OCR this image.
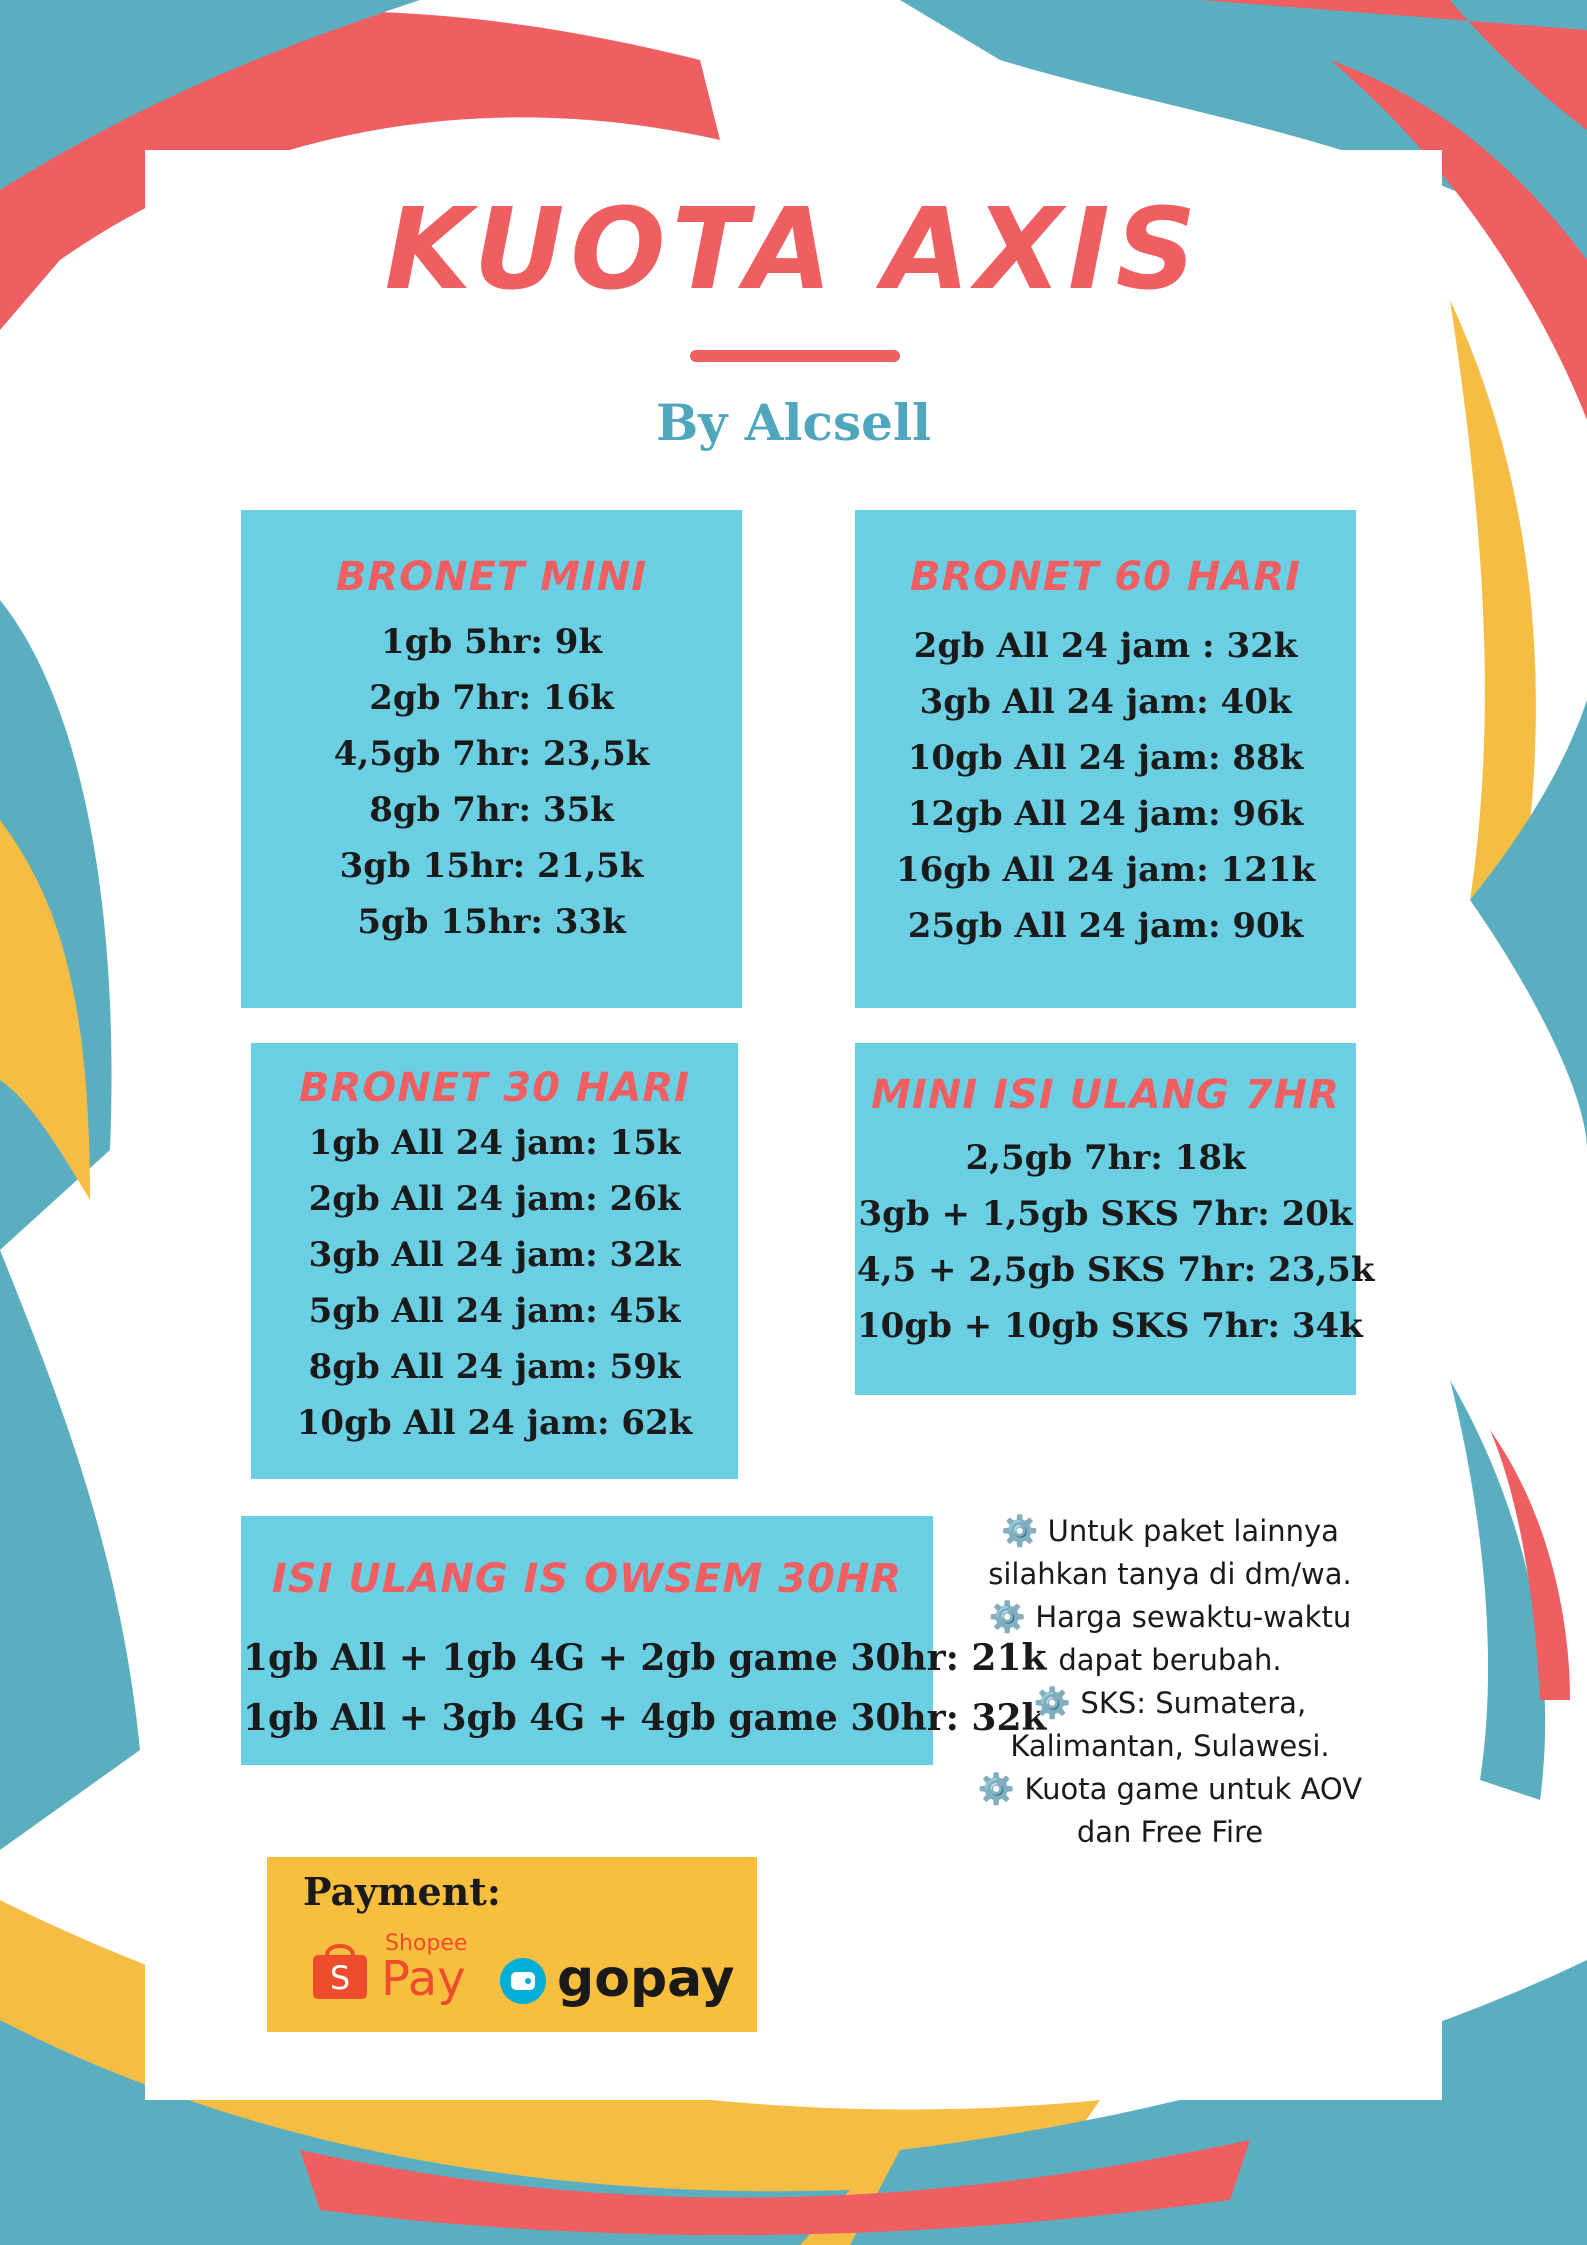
KUOTA AXIS

By Alcsell

BRONET MINI
1gb 5hr: 9k
2gb 7hr: 16k
4,5gb 7hr: 23,5k
8gb 7hr: 35k
3gb 15hr: 21,5k
5gb 15hr: 33k
BRONET 60 HARI
2gb All 24 jam : 32k
3gb All 24 jam: 40k
10gb All 24 jam: 88k
12gb All 24 jam: 96k
16gb All 24 jam: 121k
25gb All 24 jam: 90k
BRONET 30 HARI
1gb All 24 jam: 15k
2gb All 24 jam: 26k
3gb All 24 jam: 32k
5gb All 24 jam: 45k
8gb All 24 jam: 59k
10gb All 24 jam: 62k
MINI ISI ULANG 7HR
2,5gb 7hr: 18k
3gb + 1,5gb SKS 7hr: 20k
4,5 + 2,5gb SKS 7hr: 23,5k
10gb + 10gb SKS 7hr: 34k
ISI ULANG IS OWSEM 30HR
1gb All + 1gb 4G + 2gb game 30hr: 21k
1gb All + 3gb 4G + 4gb game 30hr: 32k

⚙️ Untuk paket lainnya

silahkan tanya di dm/wa.

⚙️ Harga sewaktu-waktu

dapat berubah.

⚙️ SKS: Sumatera,

Kalimantan, Sulawesi.

⚙️ Kuota game untuk AOV

dan Free Fire

Payment:

S
Shopee
Pay gopay
